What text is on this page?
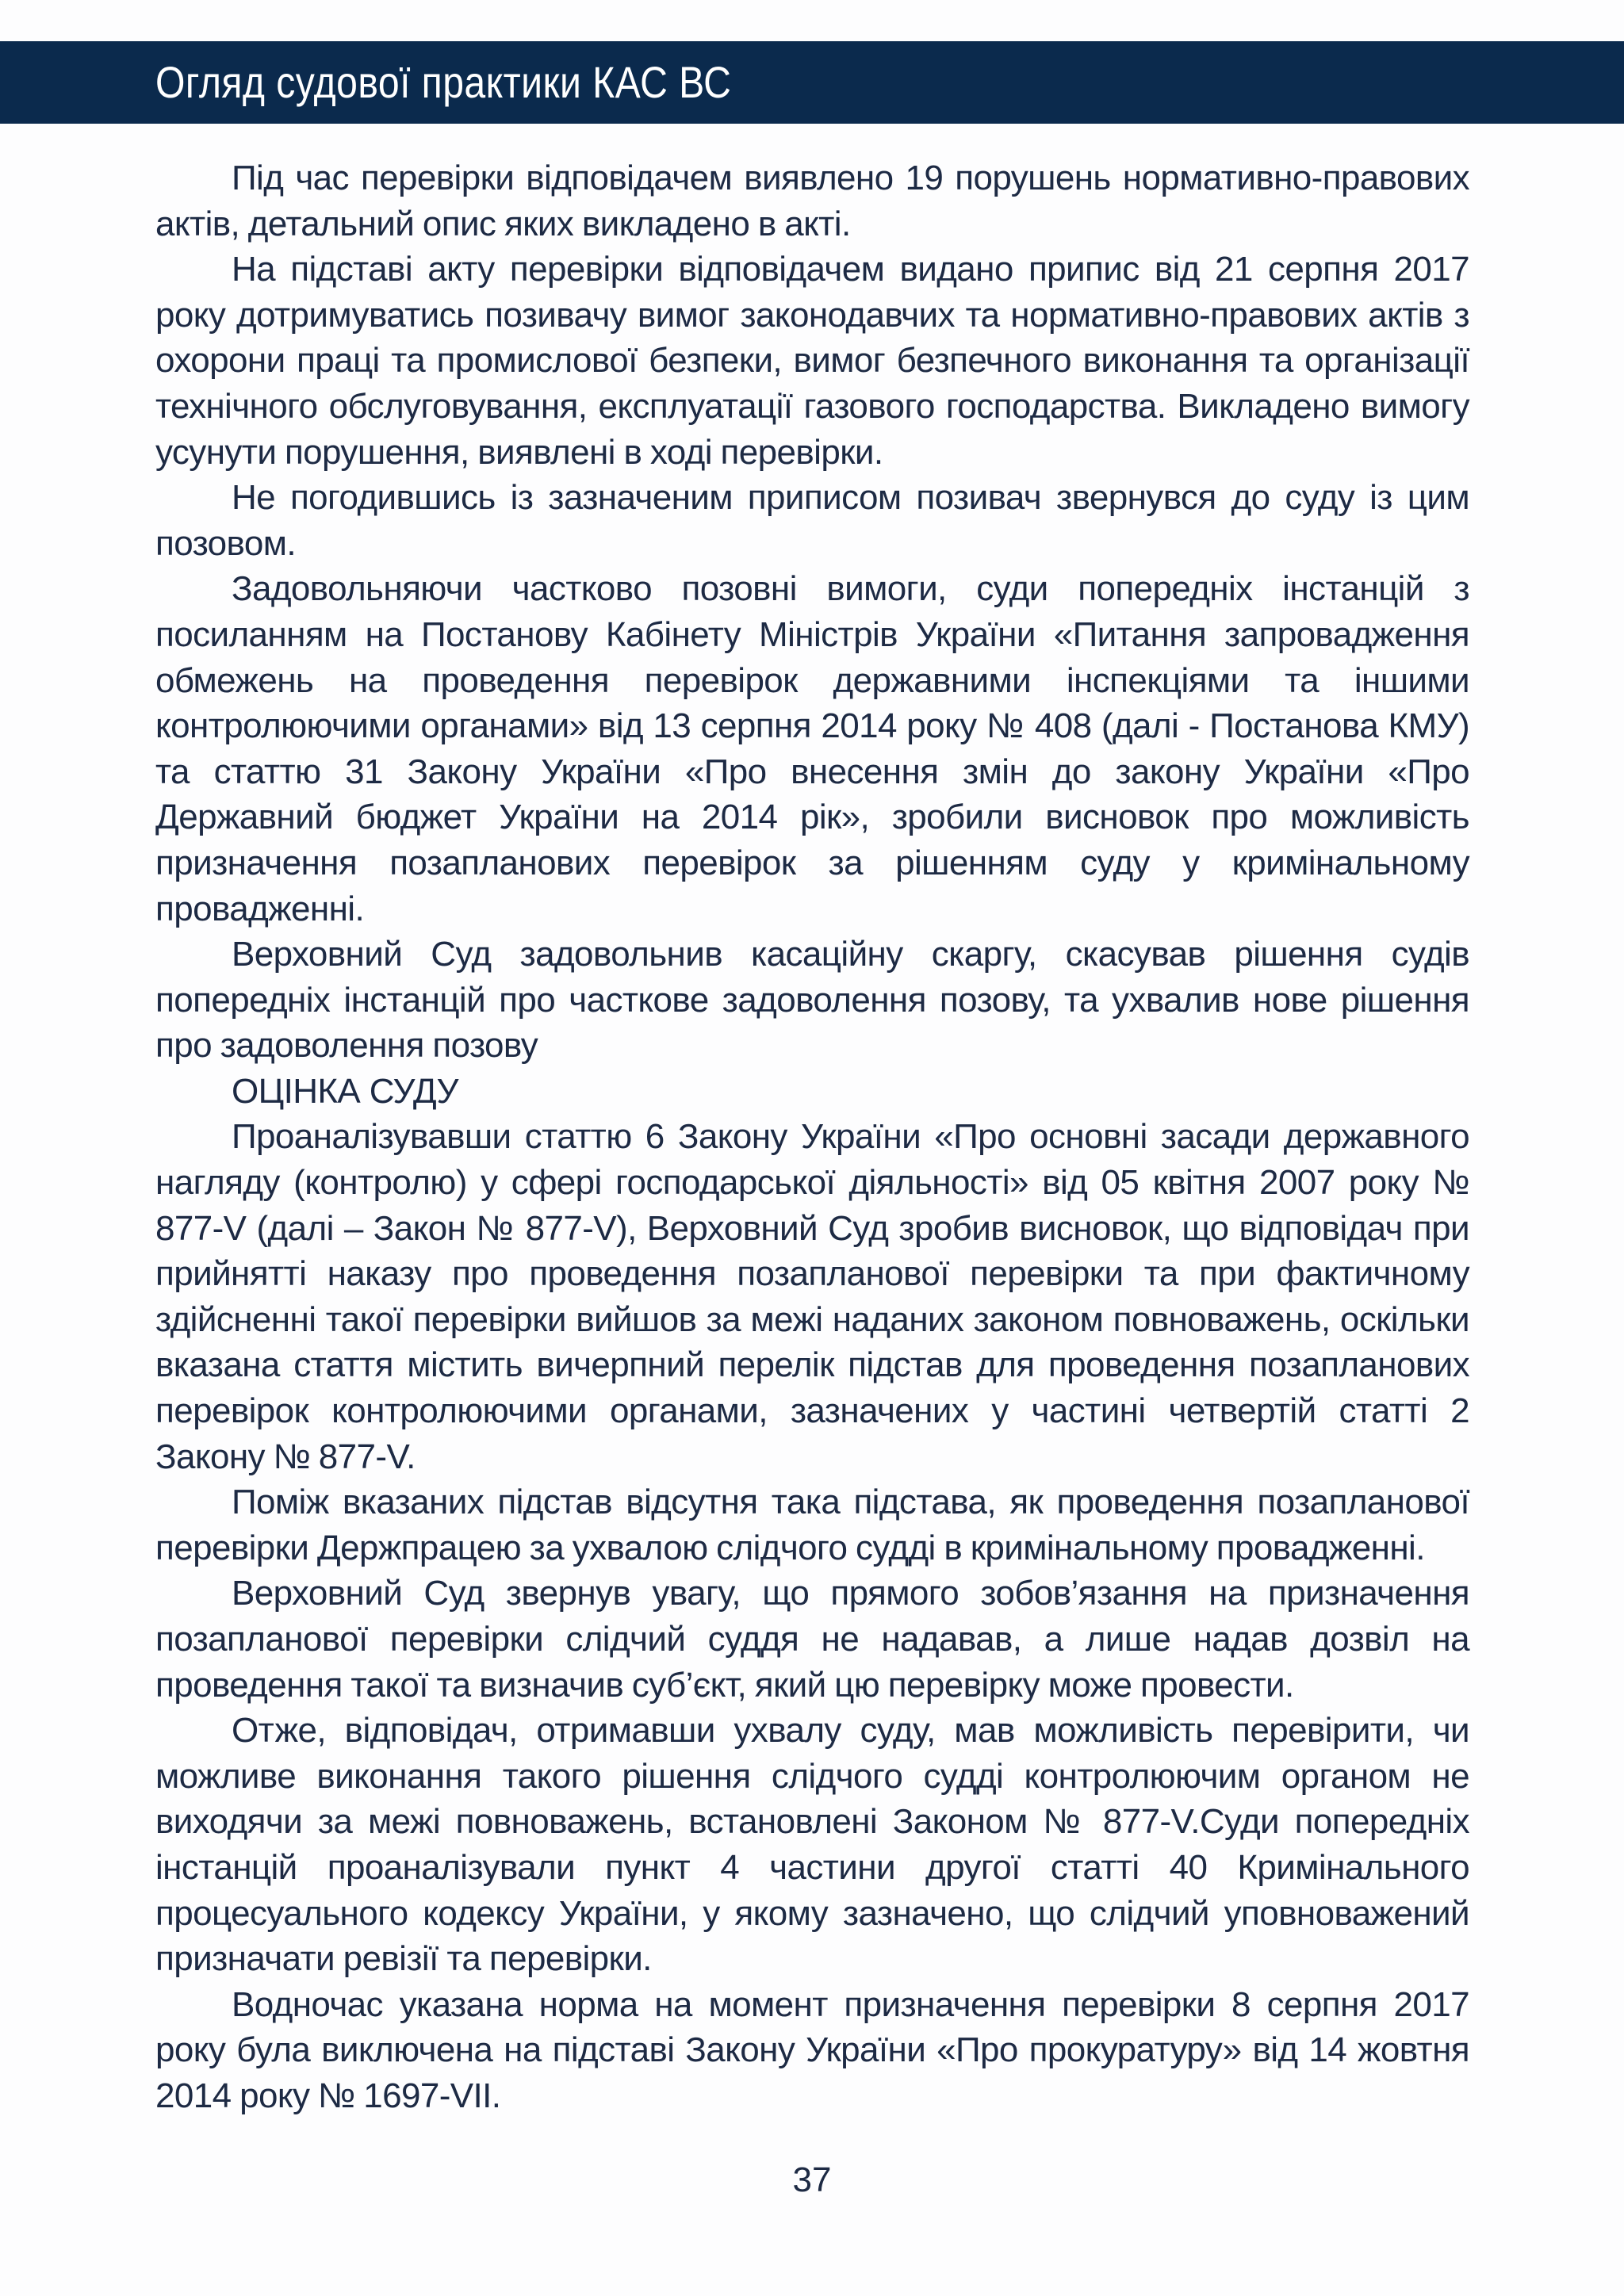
Огляд судової практики КАС ВС

Під час перевірки відповідачем виявлено 19 порушень нормативно-правових актів, детальний опис яких викладено в акті.

На підставі акту перевірки відповідачем видано припис від 21 серпня 2017 року дотримуватись позивачу вимог законодавчих та нормативно-правових актів з охорони праці та промислової безпеки, вимог безпечного виконання та організації технічного обслуговування, експлуатації газового господарства. Викладено вимогу усунути порушення, виявлені в ході перевірки.

Не погодившись із зазначеним приписом позивач звернувся до суду із цим позовом.

Задовольняючи частково позовні вимоги, суди попередніх інстанцій з посиланням на Постанову Кабінету Міністрів України «Питання запровадження обмежень на проведення перевірок державними інспекціями та іншими контролюючими органами» від 13 серпня 2014 року № 408 (далі - Постанова КМУ) та статтю 31 Закону України «Про внесення змін до закону України «Про Державний бюджет України на 2014 рік», зробили висновок про можливість призначення позапланових перевірок за рішенням суду у кримінальному провадженні.

Верховний Суд задовольнив касаційну скаргу, скасував рішення судів попередніх інстанцій про часткове задоволення позову, та ухвалив нове рішення про задоволення позову

ОЦІНКА СУДУ

Проаналізувавши статтю 6 Закону України «Про основні засади державного нагляду (контролю) у сфері господарської діяльності» від 05 квітня 2007 року № 877-V (далі – Закон № 877-V), Верховний Суд зробив висновок, що відповідач при прийнятті наказу про проведення позапланової перевірки та при фактичному здійсненні такої перевірки вийшов за межі наданих законом повноважень, оскільки вказана стаття містить вичерпний перелік підстав для проведення позапланових перевірок контролюючими органами, зазначених у частині четвертій статті 2 Закону № 877-V.

Поміж вказаних підстав відсутня така підстава, як проведення позапланової перевірки Держпрацею за ухвалою слідчого судді в кримінальному провадженні.

Верховний Суд звернув увагу, що прямого зобов’язання на призначення позапланової перевірки слідчий суддя не надавав, а лише надав дозвіл на проведення такої та визначив суб’єкт, який цю перевірку може провести.

Отже, відповідач, отримавши ухвалу суду, мав можливість перевірити, чи можливе виконання такого рішення слідчого судді контролюючим органом не виходячи за межі повноважень, встановлені Законом № 877-V.Суди попередніх інстанцій проаналізували пункт 4 частини другої статті 40 Кримінального процесуального кодексу України, у якому зазначено, що слідчий уповноважений призначати ревізії та перевірки.

Водночас указана норма на момент призначення перевірки 8 серпня 2017 року була виключена на підставі Закону України «Про прокуратуру» від 14 жовтня 2014 року № 1697-VII.

37
